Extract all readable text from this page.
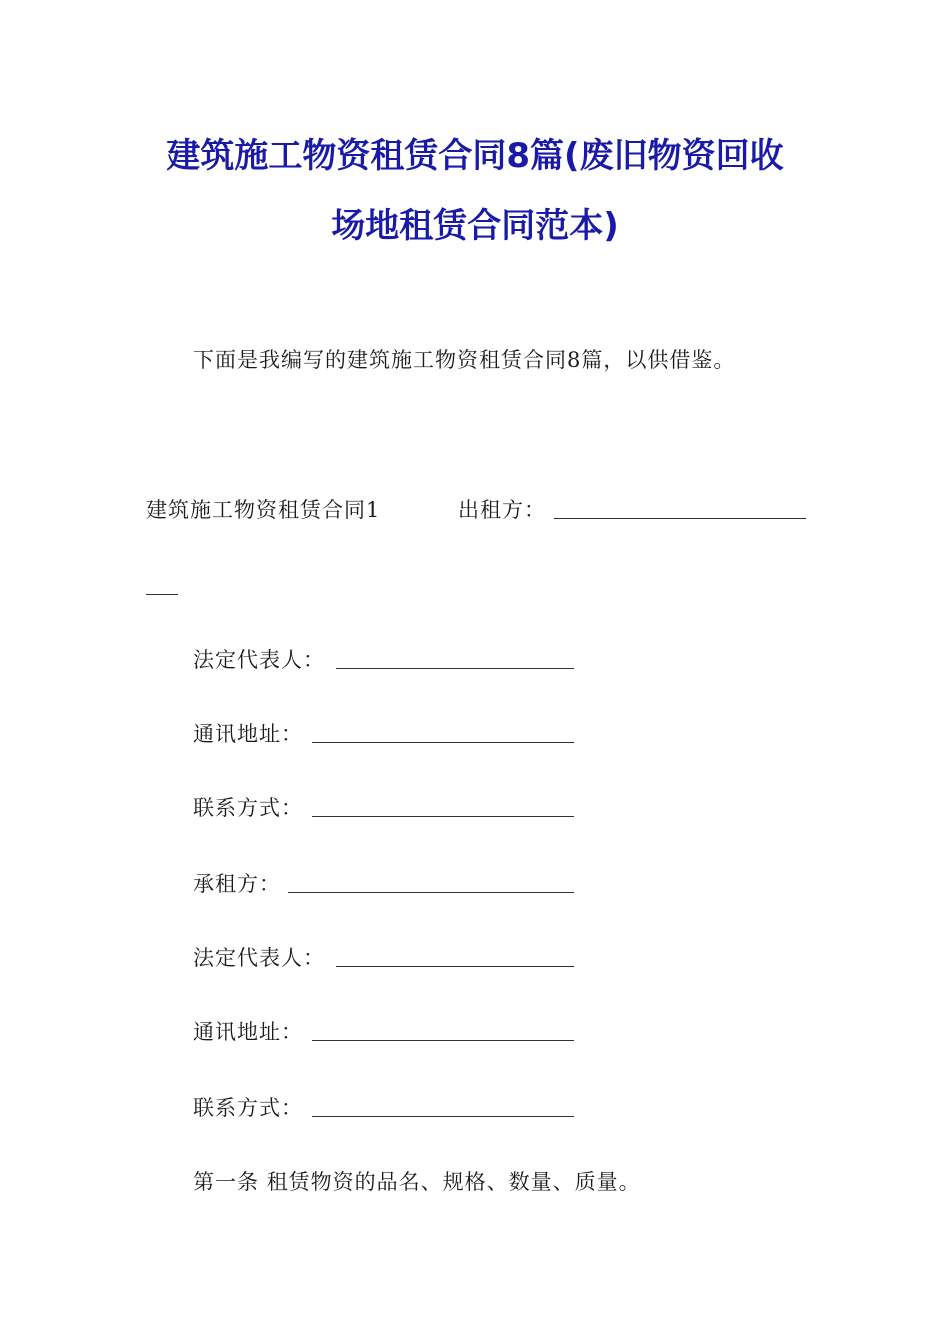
建筑施工物资租赁合同8篇(废旧物资回收
场地租赁合同范本)
下面是我编写的建筑施工物资租赁合同8篇，以供借鉴。
建筑施工物资租赁合同1	出租方：
法定代表人：
通讯地址：
联系方式：
承租方：
法定代表人：
通讯地址：
联系方式：
第一条 租赁物资的品名、规格、数量、质量。
